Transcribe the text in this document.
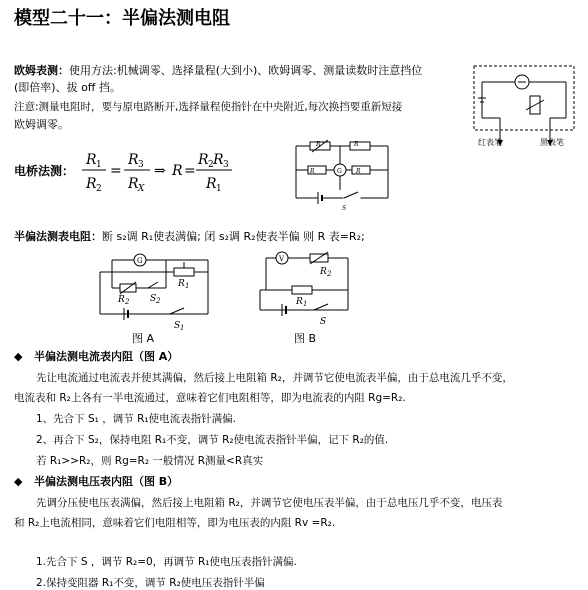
模型二十一：半偏法测电阻
欧姆表测：使用方法:机械调零、选择量程(大到小)、欧姆调零、测量读数时注意挡位
(即倍率)、拔 off 挡。
注意:测量电阻时，要与原电路断开,选择量程使指针在中央附近,每次换挡要重新短接
欧姆调零。
红表笔	黑表笔
电桥法测：
R 1
R 2
=
R 3
R X
⇒ R =
R 2 R 3
R 1
R	R
R	R
G
S
半偏法测表电阻：断 s₂调 R₁使表满偏; 闭 s₂调 R₂使表半偏 则 R 表=R₂;
G
R 2 S 2
R 1
S 1
图 A
V
R 2
R 1
S
图 B
◆ 半偏法测电流表内阻（图 A）
先让电流通过电流表并使其满偏，然后接上电阻箱 R₂，并调节它使电流表半偏，由于总电流几乎不变，
电流表和 R₂上各有一半电流通过，意味着它们电阻相等，即为电流表的内阻 Rg=R₂.
1、先合下 S₁ ，调节 R₁使电流表指针满偏.
2、再合下 S₂，保持电阻 R₁不变，调节 R₂使电流表指针半偏，记下 R₂的值.
若 R₁>>R₂，则 Rg=R₂ 一般情况 R测量<R真实
◆ 半偏法测电压表内阻（图 B）
先调分压使电压表满偏，然后接上电阻箱 R₂，并调节它使电压表半偏，由于总电压几乎不变，电压表
和 R₂上电流相同，意味着它们电阻相等，即为电压表的内阻 Rv =R₂.
1.先合下 S ，调节 R₂=0，再调节 R₁使电压表指针满偏.
2.保持变阻器 R₁不变，调节 R₂使电压表指针半偏
